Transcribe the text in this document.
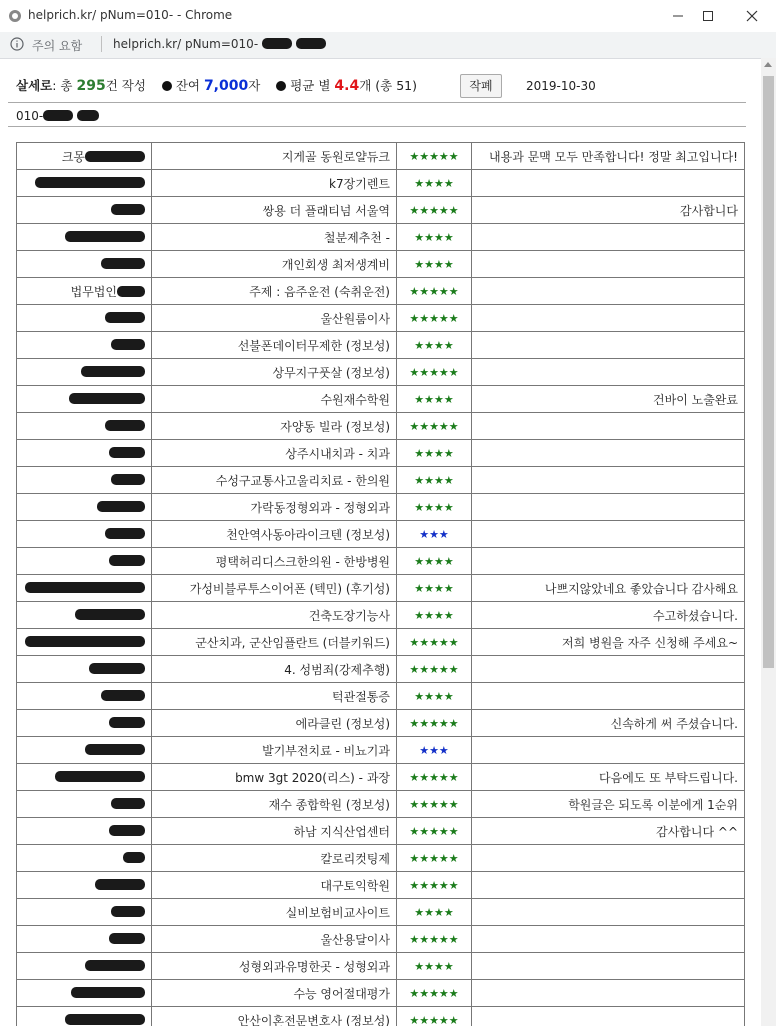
helprich.kr/ pNum=010- - Chrome
주의 요함	helprich.kr/ pNum=010-
살세로: 총 295건 작성 잔여 7,000자 평균 별 4.4개 (총 51)	작폐	2019-10-30
010-
크몽	지게골 동원로얄듀크	★★★★★	내용과 문맥 모두 만족합니다! 정말 최고입니다!
	k7장기렌트	★★★★	
	쌍용 더 플래티넘 서울역	★★★★★	감사합니다
	철분제추천 -	★★★★	
	개인회생 최저생계비	★★★★	
법무법인	주제 : 음주운전 (숙취운전)	★★★★★	
	울산원룸이사	★★★★★	
	선불폰데이터무제한 (정보성)	★★★★	
	상무지구풋살 (정보성)	★★★★★	
	수원재수학원	★★★★	건바이 노출완료
	자양동 빌라 (정보성)	★★★★★	
	상주시내치과 - 치과	★★★★	
	수성구교통사고울리치료 - 한의원	★★★★	
	가락동정형외과 - 정형외과	★★★★	
	천안역사동아라이크텐 (정보성)	★★★	
	평택허리디스크한의원 - 한방병원	★★★★	
	가성비블루투스이어폰 (텍민) (후기성)	★★★★	나쁘지않았네요 좋았습니다 감사해요
	건축도장기능사	★★★★	수고하셨습니다.
	군산치과, 군산임플란트 (더블키워드)	★★★★★	저희 병원을 자주 신청해 주세요~
	4. 성범죄(강제추행)	★★★★★	
	턱관절통증	★★★★	
	에라클린 (정보성)	★★★★★	신속하게 써 주셨습니다.
	발기부전치료 - 비뇨기과	★★★	
	bmw 3gt 2020(리스) - 과장	★★★★★	다음에도 또 부탁드립니다.
	재수 종합학원 (정보성)	★★★★★	학원글은 되도록 이분에게 1순위
	하남 지식산업센터	★★★★★	감사합니다 ^^
	칼로리컷팅제	★★★★★	
	대구토익학원	★★★★★	
	실비보험비교사이트	★★★★	
	울산용달이사	★★★★★	
	성형외과유명한곳 - 성형외과	★★★★	
	수능 영어절대평가	★★★★★	
	안산이혼전문변호사 (정보성)	★★★★★	
